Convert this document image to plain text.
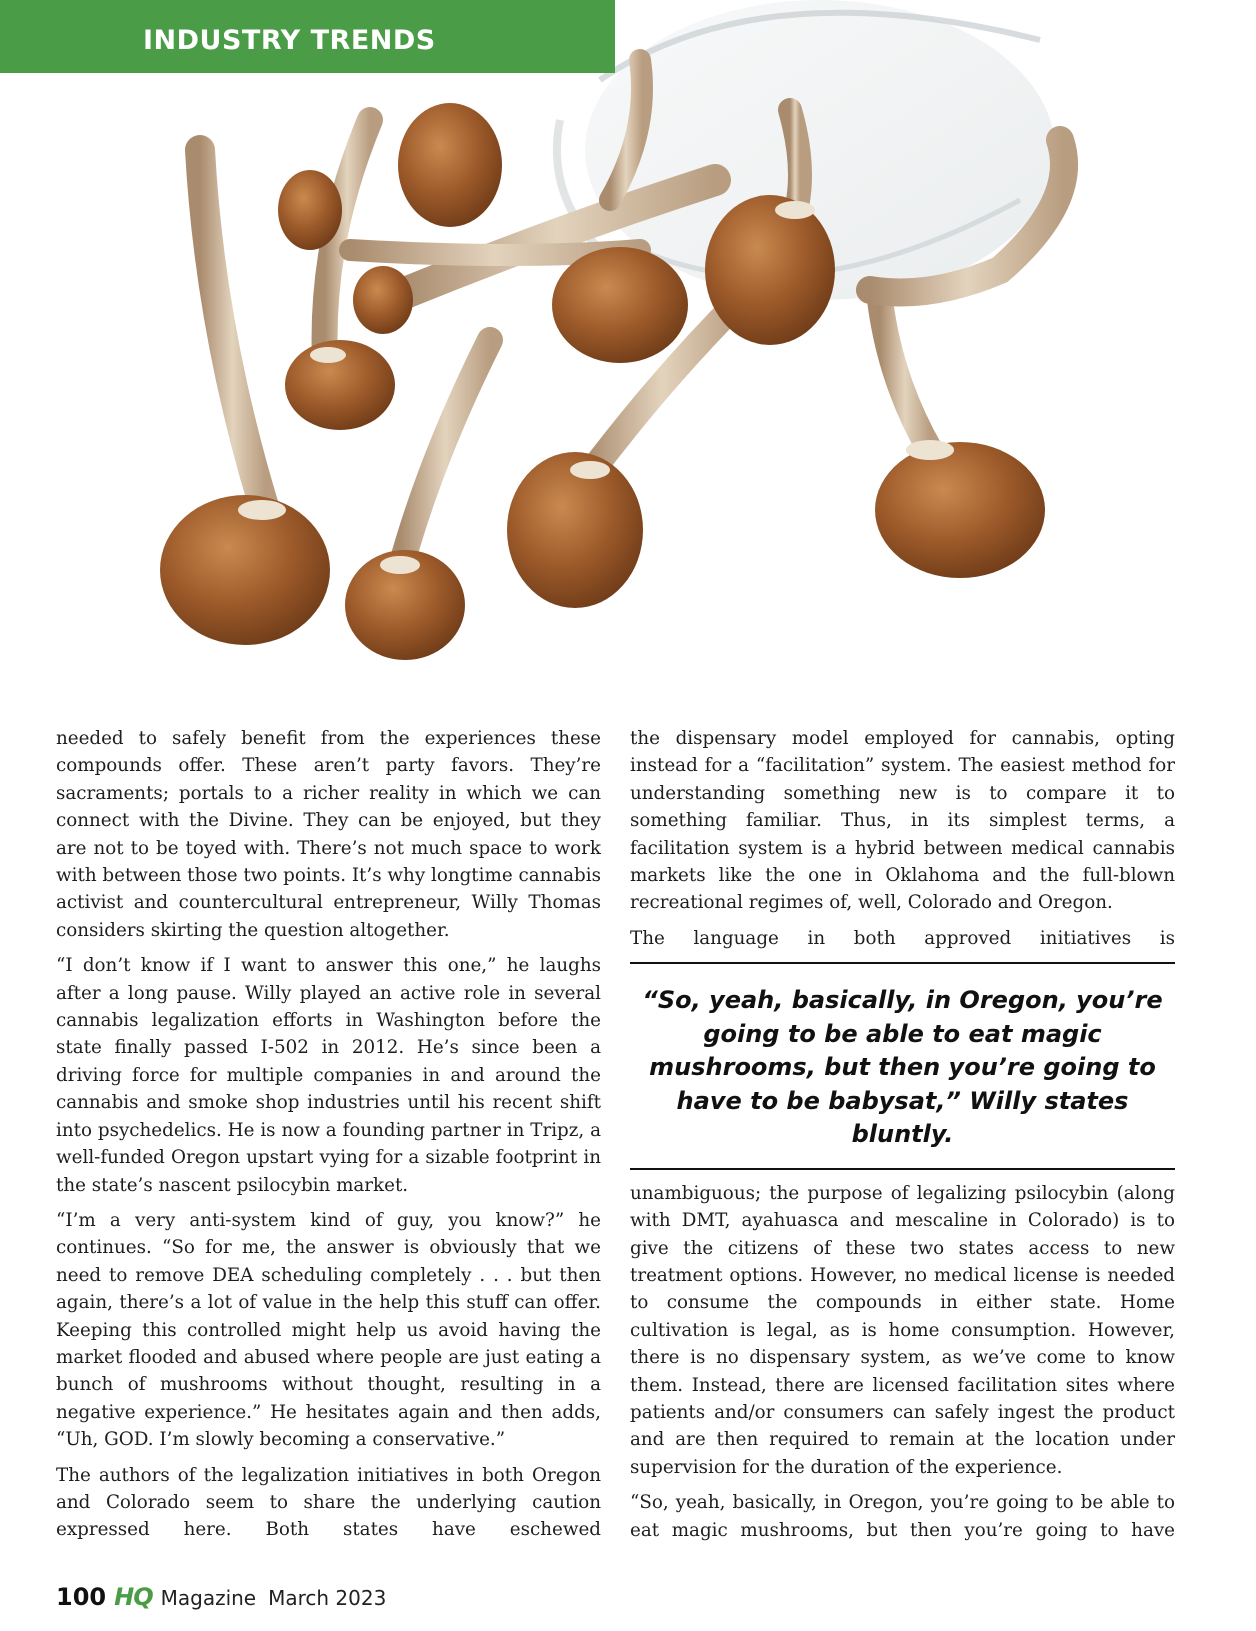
INDUSTRY TRENDS

needed to safely benefit from the experiences these compounds offer. These aren’t party favors. They’re sacraments; portals to a richer reality in which we can connect with the Divine. They can be enjoyed, but they are not to be toyed with. There’s not much space to work with between those two points. It’s why longtime cannabis activist and countercultural entrepreneur, Willy Thomas considers skirting the question altogether.

“I don’t know if I want to answer this one,” he laughs after a long pause. Willy played an active role in several cannabis legalization efforts in Washington before the state finally passed I-502 in 2012. He’s since been a driving force for multiple companies in and around the cannabis and smoke shop industries until his recent shift into psychedelics. He is now a founding partner in Tripz, a well-funded Oregon upstart vying for a sizable footprint in the state’s nascent psilocybin market.

“I’m a very anti-system kind of guy, you know?” he continues. “So for me, the answer is obviously that we need to remove DEA scheduling completely . . . but then again, there’s a lot of value in the help this stuff can offer. Keeping this controlled might help us avoid having the market flooded and abused where people are just eating a bunch of mushrooms without thought, resulting in a negative experience.” He hesitates again and then adds, “Uh, GOD. I’m slowly becoming a conservative.”

The authors of the legalization initiatives in both Oregon and Colorado seem to share the underlying caution expressed here. Both states have eschewed

the dispensary model employed for cannabis, opting instead for a “facilitation” system. The easiest method for understanding something new is to compare it to something familiar. Thus, in its simplest terms, a facilitation system is a hybrid between medical cannabis markets like the one in Oklahoma and the full-blown recreational regimes of, well, Colorado and Oregon.

The language in both approved initiatives is

“So, yeah, basically, in Oregon, you’re going to be able to eat magic mushrooms, but then you’re going to have to be babysat,” Willy states bluntly.

unambiguous; the purpose of legalizing psilocybin (along with DMT, ayahuasca and mescaline in Colorado) is to give the citizens of these two states access to new treatment options. However, no medical license is needed to consume the compounds in either state. Home cultivation is legal, as is home consumption. However, there is no dispensary system, as we’ve come to know them. Instead, there are licensed facilitation sites where patients and/or consumers can safely ingest the product and are then required to remain at the location under supervision for the duration of the experience.

“So, yeah, basically, in Oregon, you’re going to be able to eat magic mushrooms, but then you’re going to have

100 HQ Magazine March 2023
